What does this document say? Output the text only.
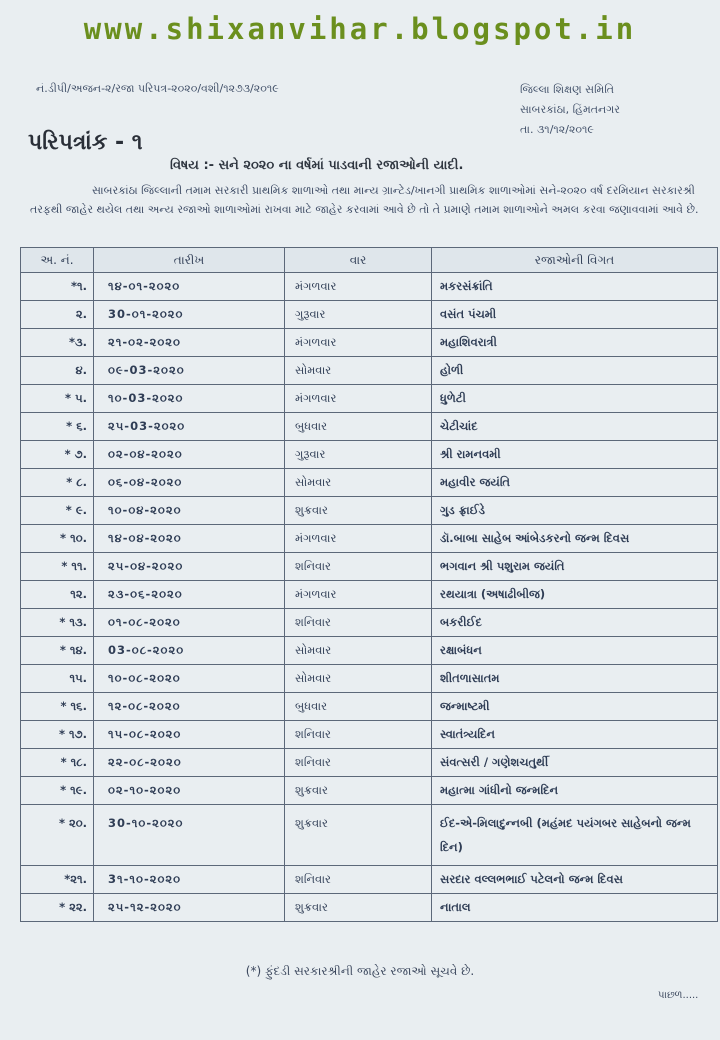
www.shixanvihar.blogspot.in
નં.ડીપી/અજન-૨/રજા પરિપત્ર-૨૦૨૦/વશી/૧૨૭૩/૨૦૧૯	જિલ્લા શિક્ષણ સમિતિ
સાબરકાંઠા, હિંમતનગર
તા. ૩૧/૧૨/૨૦૧૯
પરિપત્રાંક - ૧
વિષય :- સને ૨૦૨૦ ના વર્ષમાં પાડવાની રજાઓની યાદી.
સાબરકાંઠા જિલ્લાની તમામ સરકારી પ્રાથમિક શાળાઓ તથા માન્ય ગ્રાન્ટેડ/ખાનગી પ્રાથમિક શાળાઓમાં સને-૨૦૨૦ વર્ષ દરમિયાન સરકારશ્રી તરફથી જાહેર થયેલ તથા અન્ય રજાઓ શાળાઓમાં રાખવા માટે જાહેર કરવામાં આવે છે તો તે પ્રમાણે તમામ શાળાઓને અમલ કરવા જણાવવામાં આવે છે.
અ. નં.	તારીખ	વાર	રજાઓની વિગત
*૧.	૧૪-૦૧-૨૦૨૦	મંગળવાર	મકરસંક્રાંતિ
૨.	30-૦૧-૨૦૨૦	ગુરૂવાર	વસંત પંચમી
*૩.	૨૧-૦૨-૨૦૨૦	મંગળવાર	મહાશિવરાત્રી
૪.	૦૯-03-૨૦૨૦	સોમવાર	હોળી
* ૫.	૧૦-03-૨૦૨૦	મંગળવાર	ધુળેટી
* ૬.	૨૫-03-૨૦૨૦	બુધવાર	ચેટીચાંદ
* ૭.	૦૨-૦૪-૨૦૨૦	ગુરૂવાર	શ્રી રામનવમી
* ૮.	૦૬-૦૪-૨૦૨૦	સોમવાર	મહાવીર જયંતિ
* ૯.	૧૦-૦૪-૨૦૨૦	શુક્રવાર	ગુડ ફ્રાઈડે
* ૧૦.	૧૪-૦૪-૨૦૨૦	મંગળવાર	ડૉ.બાબા સાહેબ આંબેડકરનો જન્મ દિવસ
* ૧૧.	૨૫-૦૪-૨૦૨૦	શનિવાર	ભગવાન શ્રી પશુરામ જયંતિ
૧૨.	૨૩-૦૬-૨૦૨૦	મંગળવાર	રથયાત્રા (અષાઢીબીજ)
* ૧૩.	૦૧-૦૮-૨૦૨૦	શનિવાર	બકરીઈદ
* ૧૪.	03-૦૮-૨૦૨૦	સોમવાર	રક્ષાબંધન
૧૫.	૧૦-૦૮-૨૦૨૦	સોમવાર	શીતળાસાતમ
* ૧૬.	૧૨-૦૮-૨૦૨૦	બુધવાર	જન્માષ્ટમી
* ૧૭.	૧૫-૦૮-૨૦૨૦	શનિવાર	સ્વાતંત્ર્યદિન
* ૧૮.	૨૨-૦૮-૨૦૨૦	શનિવાર	સંવત્સરી / ગણેશચતુર્થી
* ૧૯.	૦૨-૧૦-૨૦૨૦	શુક્રવાર	મહાત્મા ગાંધીનો જન્મદિન
* ૨૦.	30-૧૦-૨૦૨૦	શુક્રવાર	ઈદ-એ-મિલાદુન્નબી (મહંમદ પયંગબર સાહેબનો જન્મ દિન)
*૨૧.	3૧-૧૦-૨૦૨૦	શનિવાર	સરદાર વલ્લભભાઈ પટેલનો જન્મ દિવસ
* ૨૨.	૨૫-૧૨-૨૦૨૦	શુક્રવાર	નાતાલ
(*) ફુંદડી સરકારશ્રીની જાહેર રજાઓ સૂચવે છે.
પાછળ.....
